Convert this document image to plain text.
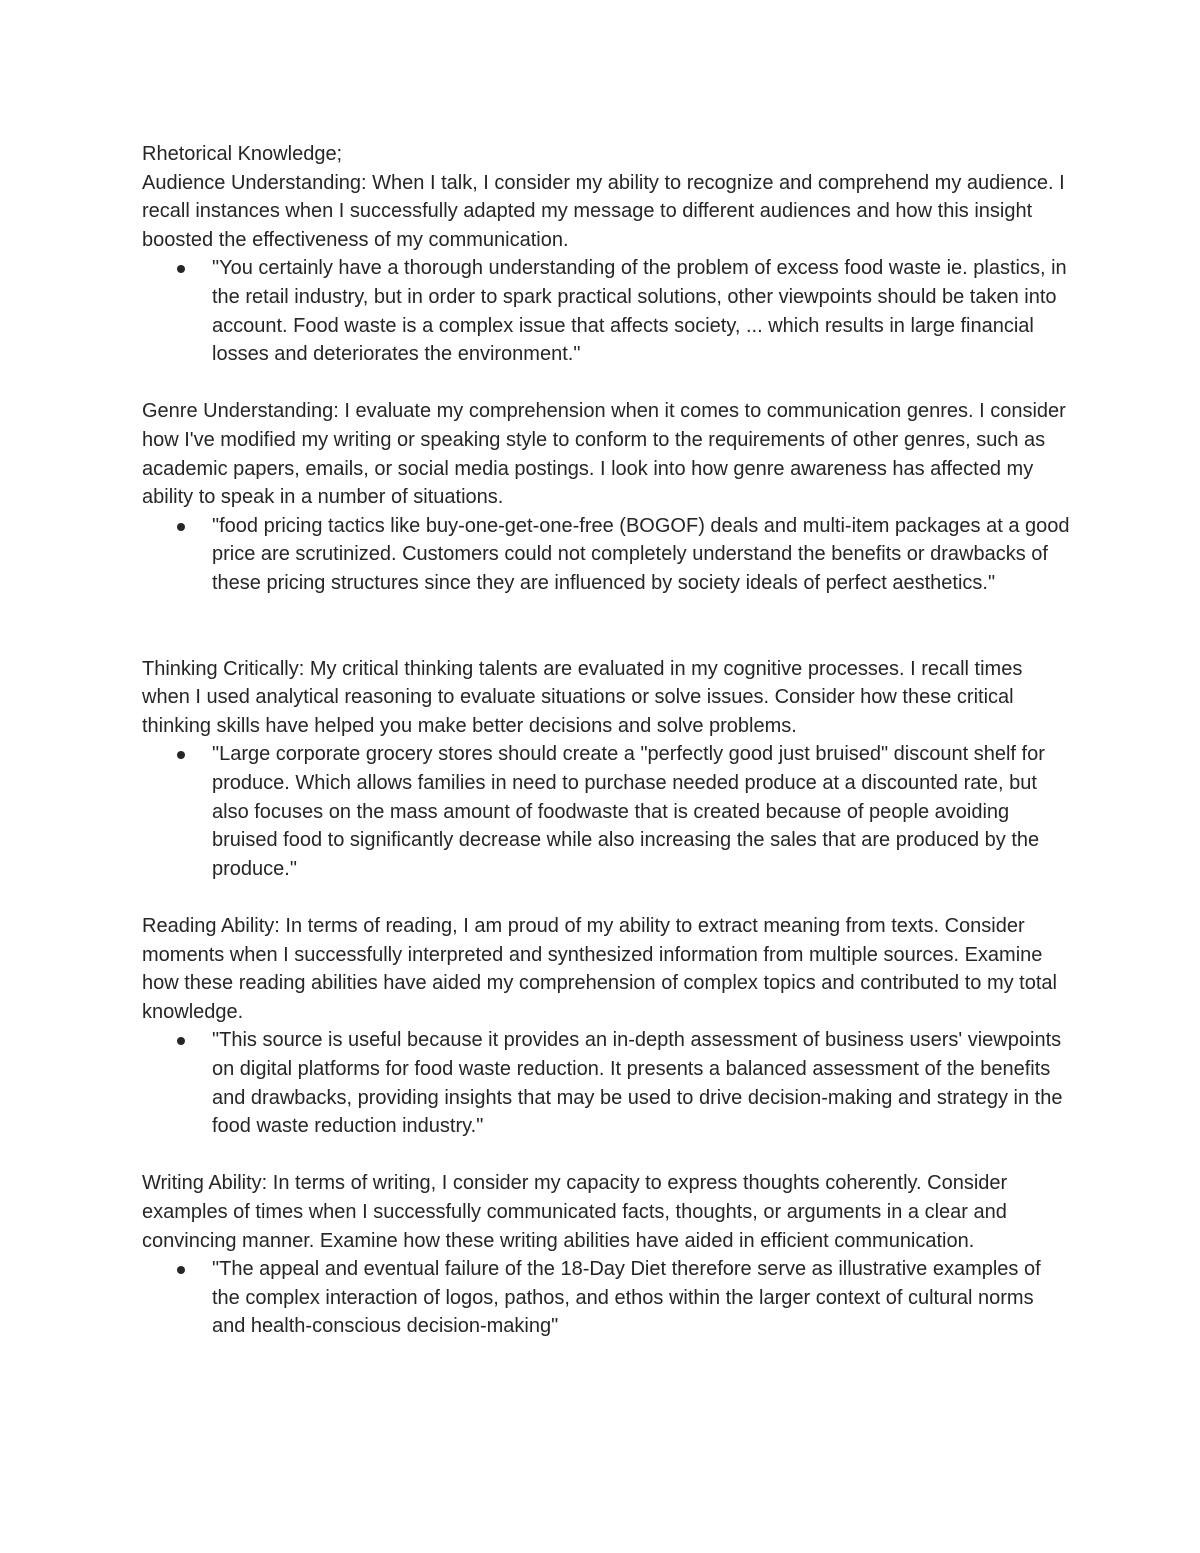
Rhetorical Knowledge;

Audience Understanding: When I talk, I consider my ability to recognize and comprehend my audience. I recall instances when I successfully adapted my message to different audiences and how this insight boosted the effectiveness of my communication.

"You certainly have a thorough understanding of the problem of excess food waste ie. plastics, in the retail industry, but in order to spark practical solutions, other viewpoints should be taken into account. Food waste is a complex issue that affects society, ... which results in large financial losses and deteriorates the environment."

Genre Understanding: I evaluate my comprehension when it comes to communication genres. I consider how I've modified my writing or speaking style to conform to the requirements of other genres, such as academic papers, emails, or social media postings. I look into how genre awareness has affected my ability to speak in a number of situations.

"food pricing tactics like buy-one-get-one-free (BOGOF) deals and multi-item packages at a good price are scrutinized. Customers could not completely understand the benefits or drawbacks of these pricing structures since they are influenced by society ideals of perfect aesthetics."

Thinking Critically: My critical thinking talents are evaluated in my cognitive processes. I recall times when I used analytical reasoning to evaluate situations or solve issues. Consider how these critical thinking skills have helped you make better decisions and solve problems.

"Large corporate grocery stores should create a "perfectly good just bruised" discount shelf for produce. Which allows families in need to purchase needed produce at a discounted rate, but also focuses on the mass amount of foodwaste that is created because of people avoiding bruised food to significantly decrease while also increasing the sales that are produced by the produce."

Reading Ability: In terms of reading, I am proud of my ability to extract meaning from texts. Consider moments when I successfully interpreted and synthesized information from multiple sources. Examine how these reading abilities have aided my comprehension of complex topics and contributed to my total knowledge.

"This source is useful because it provides an in-depth assessment of business users' viewpoints on digital platforms for food waste reduction. It presents a balanced assessment of the benefits and drawbacks, providing insights that may be used to drive decision-making and strategy in the food waste reduction industry."

Writing Ability: In terms of writing, I consider my capacity to express thoughts coherently. Consider examples of times when I successfully communicated facts, thoughts, or arguments in a clear and convincing manner. Examine how these writing abilities have aided in efficient communication.

"The appeal and eventual failure of the 18-Day Diet therefore serve as illustrative examples of the complex interaction of logos, pathos, and ethos within the larger context of cultural norms and health-conscious decision-making"
